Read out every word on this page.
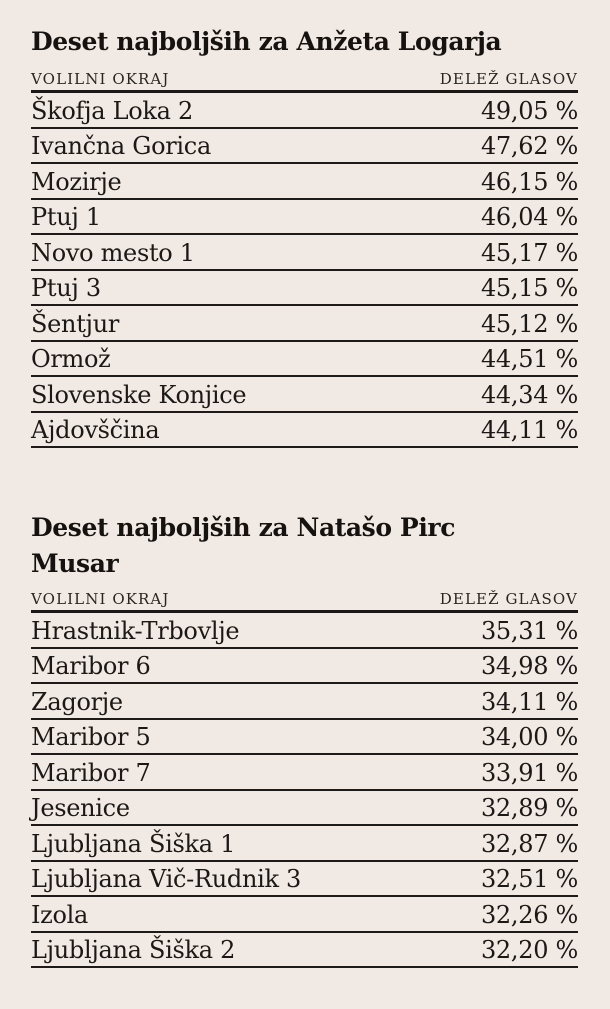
Deset najboljših za Anžeta Logarja
VOLILNI OKRAJ	DELEŽ GLASOV
Škofja Loka 2	49,05 %
Ivančna Gorica	47,62 %
Mozirje	46,15 %
Ptuj 1	46,04 %
Novo mesto 1	45,17 %
Ptuj 3	45,15 %
Šentjur	45,12 %
Ormož	44,51 %
Slovenske Konjice	44,34 %
Ajdovščina	44,11 %
Deset najboljših za Natašo Pirc Musar
VOLILNI OKRAJ	DELEŽ GLASOV
Hrastnik-Trbovlje	35,31 %
Maribor 6	34,98 %
Zagorje	34,11 %
Maribor 5	34,00 %
Maribor 7	33,91 %
Jesenice	32,89 %
Ljubljana Šiška 1	32,87 %
Ljubljana Vič-Rudnik 3	32,51 %
Izola	32,26 %
Ljubljana Šiška 2	32,20 %
